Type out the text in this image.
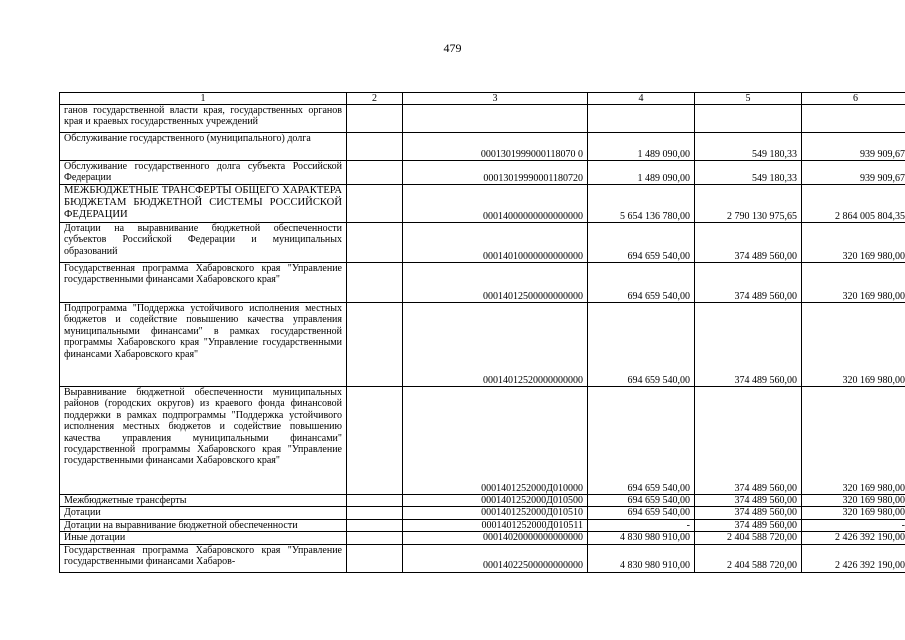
479
1	2	3	4	5	6
ганов государственной власти края, государственных органов края и краевых государственных учреждений					
Обслуживание государственного (муниципального) долга		0001301999000118070 0	1 489 090,00	549 180,33	939 909,67
Обслуживание государственного долга субъекта Российской Федерации		00013019990001180720	1 489 090,00	549 180,33	939 909,67
МЕЖБЮДЖЕТНЫЕ ТРАНСФЕРТЫ ОБЩЕГО ХАРАКТЕРА БЮДЖЕТАМ БЮДЖЕТНОЙ СИСТЕМЫ РОССИЙСКОЙ ФЕДЕРАЦИИ		00014000000000000000	5 654 136 780,00	2 790 130 975,65	2 864 005 804,35
Дотации на выравнивание бюджетной обеспеченности субъектов Российской Федерации и муниципальных образований		00014010000000000000	694 659 540,00	374 489 560,00	320 169 980,00
Государственная программа Хабаровского края "Управление государственными финансами Хабаровского края"		00014012500000000000	694 659 540,00	374 489 560,00	320 169 980,00
Подпрограмма "Поддержка устойчивого исполнения местных бюджетов и содействие повышению качества управления муниципальными финансами" в рамках государственной программы Хабаровского края "Управление государственными финансами Хабаровского края"		00014012520000000000	694 659 540,00	374 489 560,00	320 169 980,00
Выравнивание бюджетной обеспеченности муниципальных районов (городских округов) из краевого фонда финансовой поддержки в рамках подпрограммы "Поддержка устойчивого исполнения местных бюджетов и содействие повышению качества управления муниципальными финансами" государственной программы Хабаровского края "Управление государственными финансами Хабаровского края"		0001401252000Д010000	694 659 540,00	374 489 560,00	320 169 980,00
Межбюджетные трансферты		0001401252000Д010500	694 659 540,00	374 489 560,00	320 169 980,00
Дотации		0001401252000Д010510	694 659 540,00	374 489 560,00	320 169 980,00
Дотации на выравнивание бюджетной обеспеченности		0001401252000Д010511	-	374 489 560,00	-
Иные дотации		00014020000000000000	4 830 980 910,00	2 404 588 720,00	2 426 392 190,00
Государственная программа Хабаровского края "Управление государственными финансами Хабаров-		00014022500000000000	4 830 980 910,00	2 404 588 720,00	2 426 392 190,00
